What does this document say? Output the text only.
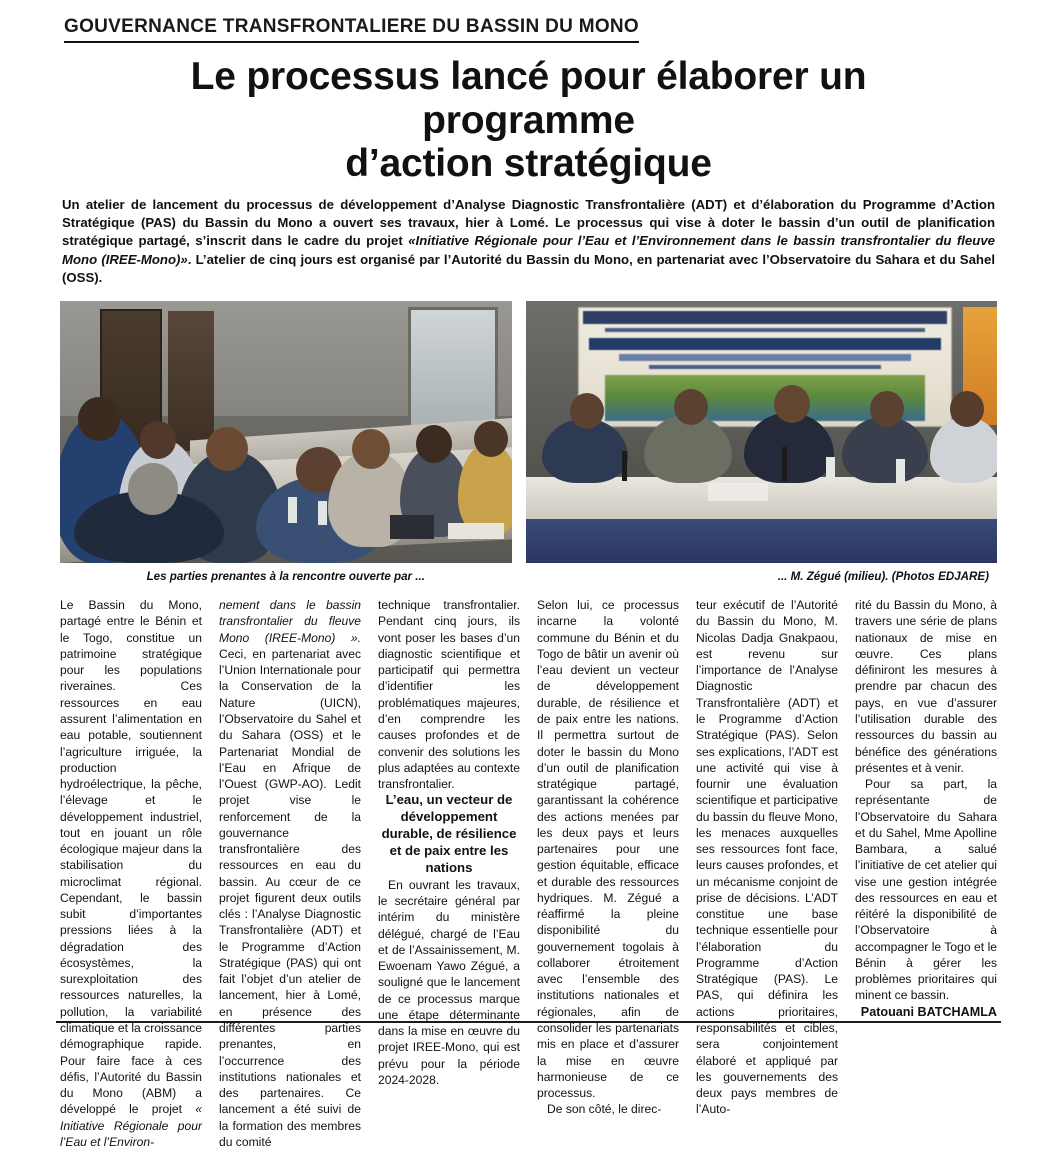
GOUVERNANCE TRANSFRONTALIERE DU BASSIN DU MONO
Le processus lancé pour élaborer un programme
d’action stratégique
Un atelier de lancement du processus de développement d’Analyse Diagnostic Transfrontalière (ADT) et d’élaboration du Programme d’Action Stratégique (PAS) du Bassin du Mono a ouvert ses travaux, hier à Lomé. Le processus qui vise à doter le bassin d’un outil de planification stratégique partagé, s’inscrit dans le cadre du projet «Initiative Régionale pour l’Eau et l’Environnement dans le bassin transfrontalier du fleuve Mono (IREE-Mono)». L’atelier de cinq jours est organisé par l’Autorité du Bassin du Mono, en partenariat avec l’Observatoire du Sahara et du Sahel (OSS).
Les parties prenantes à la rencontre ouverte par ...	... M. Zégué (milieu). (Photos EDJARE)

Le Bassin du Mono, partagé entre le Bénin et le Togo, constitue un patrimoine stratégique pour les populations riveraines. Ces ressources en eau assurent l’alimentation en eau potable, soutiennent l’agriculture irriguée, la production hydroélectrique, la pêche, l’élevage et le développement industriel, tout en jouant un rôle écologique majeur dans la stabilisation du microclimat régional. Cependant, le bassin subit d’importantes pressions liées à la dégradation des écosystèmes, la surexploitation des ressources naturelles, la pollution, la variabilité climatique et la croissance démographique rapide. Pour faire face à ces défis, l’Autorité du Bassin du Mono (ABM) a développé le projet « Initiative Régionale pour l’Eau et l’Environ-

nement dans le bassin transfrontalier du fleuve Mono (IREE-Mono) ». Ceci, en partenariat avec l’Union Internationale pour la Conservation de la Nature (UICN), l’Observatoire du Sahel et du Sahara (OSS) et le Partenariat Mondial de l’Eau en Afrique de l’Ouest (GWP-AO). Ledit projet vise le renforcement de la gouvernance transfrontalière des ressources en eau du bassin. Au cœur de ce projet figurent deux outils clés : l’Analyse Diagnostic Transfrontalière (ADT) et le Programme d’Action Stratégique (PAS) qui ont fait l’objet d’un atelier de lancement, hier à Lomé, en présence des différentes parties prenantes, en l’occurrence des institutions nationales et des partenaires. Ce lancement a été suivi de la formation des membres du comité

technique transfrontalier. Pendant cinq jours, ils vont poser les bases d’un diagnostic scientifique et participatif qui permettra d’identifier les problématiques majeures, d’en comprendre les causes profondes et de convenir des solutions les plus adaptées au contexte transfrontalier.

L’eau, un vecteur de développement durable, de résilience et de paix entre les nations

En ouvrant les travaux, le secrétaire général par intérim du ministère délégué, chargé de l’Eau et de l’Assainissement, M. Ewoenam Yawo Zégué, a souligné que le lancement de ce processus marque une étape déterminante dans la mise en œuvre du projet IREE-Mono, qui est prévu pour la période 2024-2028.

Selon lui, ce processus incarne la volonté commune du Bénin et du Togo de bâtir un avenir où l’eau devient un vecteur de développement durable, de résilience et de paix entre les nations. Il permettra surtout de doter le bassin du Mono d’un outil de planification stratégique partagé, garantissant la cohérence des actions menées par les deux pays et leurs partenaires pour une gestion équitable, efficace et durable des ressources hydriques. M. Zégué a réaffirmé la pleine disponibilité du gouvernement togolais à collaborer étroitement avec l’ensemble des institutions nationales et régionales, afin de consolider les partenariats mis en place et d’assurer la mise en œuvre harmonieuse de ce processus.

De son côté, le direc-

teur exécutif de l’Autorité du Bassin du Mono, M. Nicolas Dadja Gnakpaou, est revenu sur l’importance de l’Analyse Diagnostic Transfrontalière (ADT) et le Programme d’Action Stratégique (PAS). Selon ses explications, l’ADT est une activité qui vise à fournir une évaluation scientifique et participative du bassin du fleuve Mono, les menaces auxquelles ses ressources font face, leurs causes profondes, et un mécanisme conjoint de prise de décisions. L’ADT constitue une base technique essentielle pour l’élaboration du Programme d’Action Stratégique (PAS). Le PAS, qui définira les actions prioritaires, responsabilités et cibles, sera conjointement élaboré et appliqué par les gouvernements des deux pays membres de l’Auto-

rité du Bassin du Mono, à travers une série de plans nationaux de mise en œuvre. Ces plans définiront les mesures à prendre par chacun des pays, en vue d’assurer l’utilisation durable des ressources du bassin au bénéfice des générations présentes et à venir.

Pour sa part, la représentante de l’Observatoire du Sahara et du Sahel, Mme Apolline Bambara, a salué l’initiative de cet atelier qui vise une gestion intégrée des ressources en eau et réitéré la disponibilité de l’Observatoire à accompagner le Togo et le Bénin à gérer les problèmes prioritaires qui minent ce bassin.

Patouani BATCHAMLA
